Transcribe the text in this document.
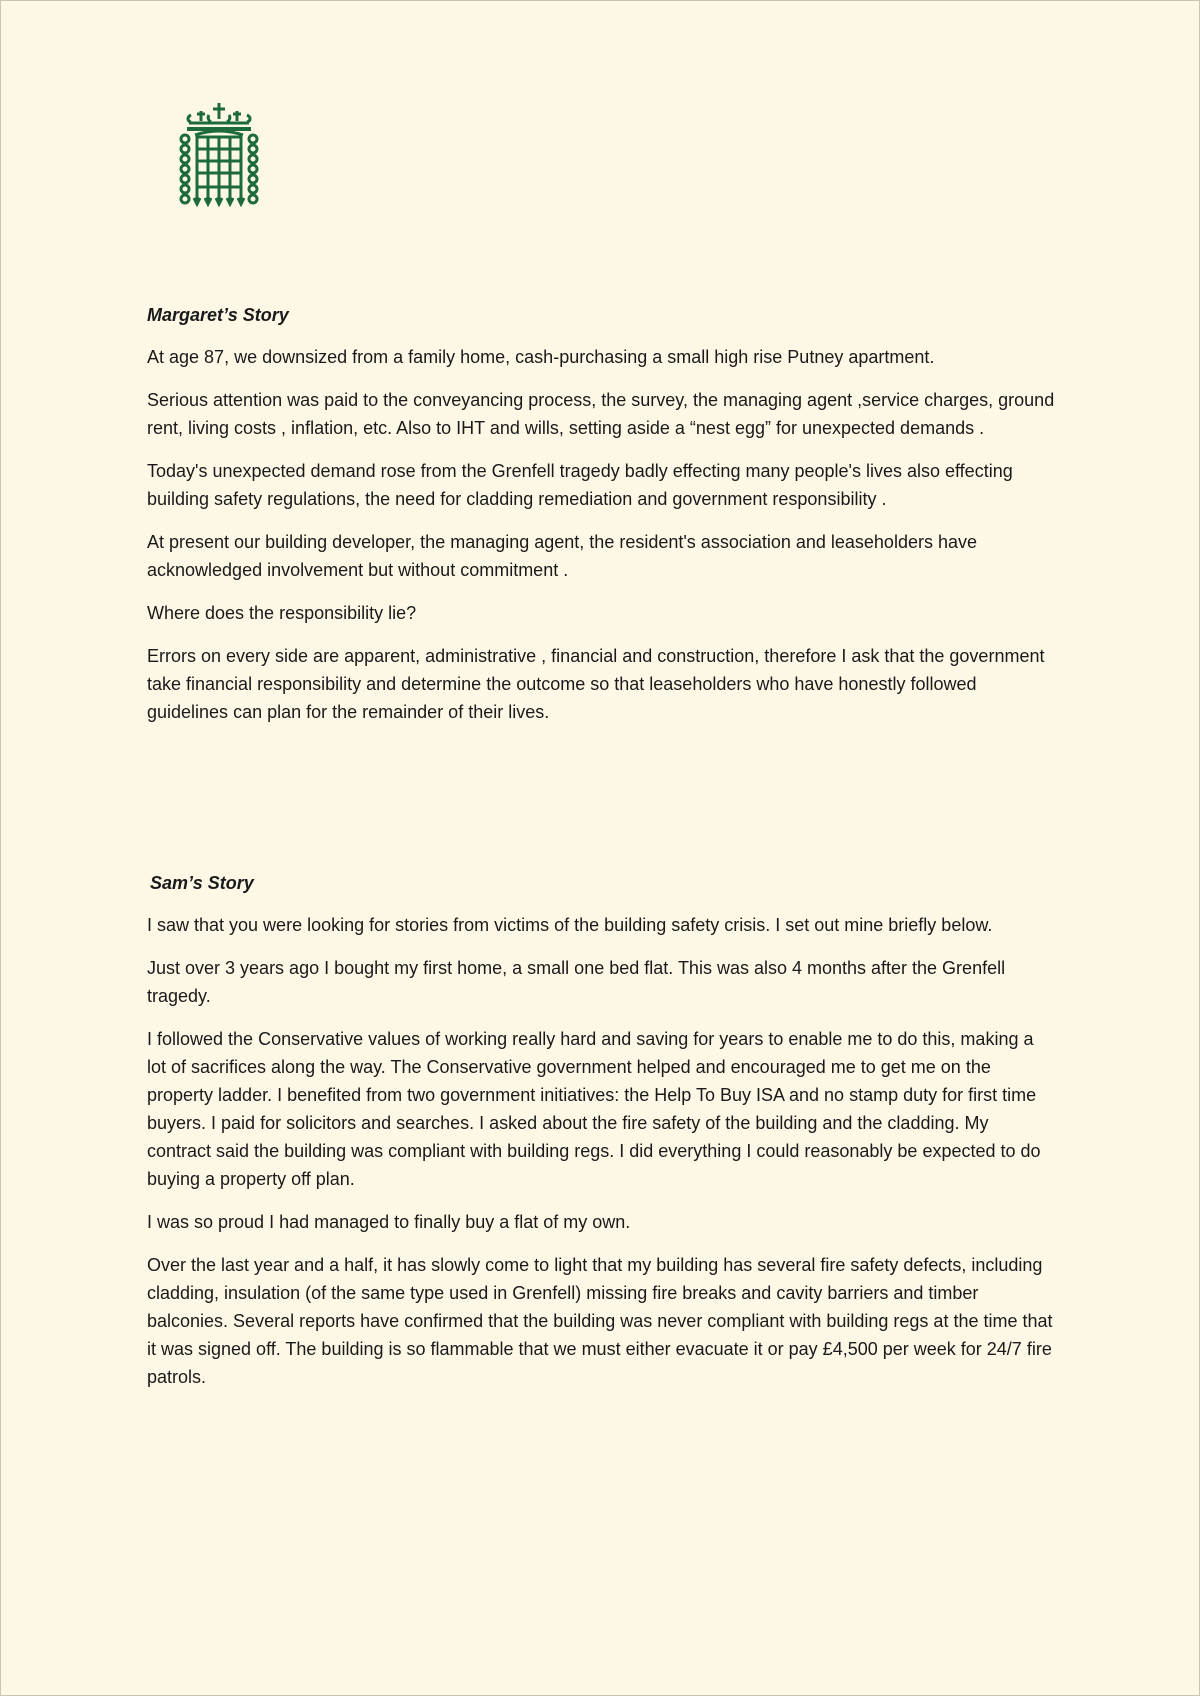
Margaret’s Story

At age 87, we downsized from a family home, cash-purchasing a small high rise Putney apartment.

Serious attention was paid to the conveyancing process, the survey, the managing agent ,service charges, ground rent, living costs , inflation, etc. Also to IHT and wills, setting aside a “nest egg” for unexpected demands .

Today's unexpected demand rose from the Grenfell tragedy badly effecting many people's lives also effecting building safety regulations, the need for cladding remediation and government responsibility .

At present our building developer, the managing agent, the resident's association and leaseholders have acknowledged involvement but without commitment .

Where does the responsibility lie?

Errors on every side are apparent, administrative , financial and construction, therefore I ask that the government take financial responsibility and determine the outcome so that leaseholders who have honestly followed guidelines can plan for the remainder of their lives.

Sam’s Story

I saw that you were looking for stories from victims of the building safety crisis. I set out mine briefly below.

Just over 3 years ago I bought my first home, a small one bed flat. This was also 4 months after the Grenfell tragedy.

I followed the Conservative values of working really hard and saving for years to enable me to do this, making a lot of sacrifices along the way. The Conservative government helped and encouraged me to get me on the property ladder. I benefited from two government initiatives: the Help To Buy ISA and no stamp duty for first time buyers. I paid for solicitors and searches. I asked about the fire safety of the building and the cladding. My contract said the building was compliant with building regs. I did everything I could reasonably be expected to do buying a property off plan.

I was so proud I had managed to finally buy a flat of my own.

Over the last year and a half, it has slowly come to light that my building has several fire safety defects, including cladding, insulation (of the same type used in Grenfell) missing fire breaks and cavity barriers and timber balconies. Several reports have confirmed that the building was never compliant with building regs at the time that it was signed off. The building is so flammable that we must either evacuate it or pay £4,500 per week for 24/7 fire patrols.
